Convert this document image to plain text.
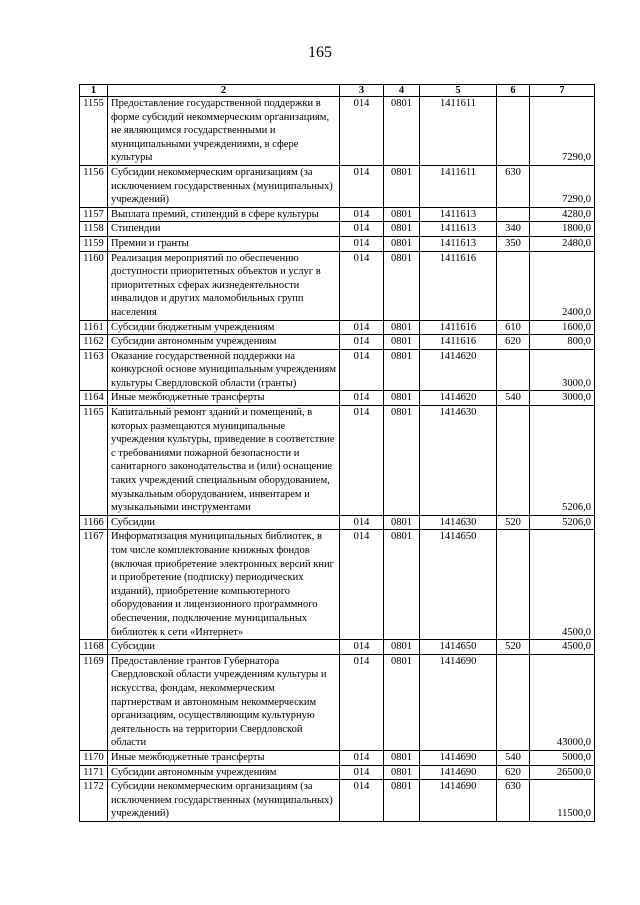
165
1	2	3	4	5	6	7
1155	Предоставление государственной поддержки в форме субсидий некоммерческим организациям, не являющимся государственными и муниципальными учреждениями, в сфере культуры	014	0801	1411611		7290,0
1156	Субсидии некоммерческим организациям (за исключением государственных (муниципальных) учреждений)	014	0801	1411611	630	7290,0
1157	Выплата премий, стипендий в сфере культуры	014	0801	1411613		4280,0
1158	Стипендии	014	0801	1411613	340	1800,0
1159	Премии и гранты	014	0801	1411613	350	2480,0
1160	Реализация мероприятий по обеспечению доступности приоритетных объектов и услуг в приоритетных сферах жизнедеятельности инвалидов и других маломобильных групп населения	014	0801	1411616		2400,0
1161	Субсидии бюджетным учреждениям	014	0801	1411616	610	1600,0
1162	Субсидии автономным учреждениям	014	0801	1411616	620	800,0
1163	Оказание государственной поддержки на конкурсной основе муниципальным учреждениям культуры Свердловской области (гранты)	014	0801	1414620		3000,0
1164	Иные межбюджетные трансферты	014	0801	1414620	540	3000,0
1165	Капитальный ремонт зданий и помещений, в которых размещаются муниципальные учреждения культуры, приведение в соответствие с требованиями пожарной безопасности и санитарного законодательства и (или) оснащение таких учреждений специальным оборудованием, музыкальным оборудованием, инвентарем и музыкальными инструментами	014	0801	1414630		5206,0
1166	Субсидии	014	0801	1414630	520	5206,0
1167	Информатизация муниципальных библиотек, в том числе комплектование книжных фондов (включая приобретение электронных версий книг и приобретение (подписку) периодических изданий), приобретение компьютерного оборудования и лицензионного программного обеспечения, подключение муниципальных библиотек к сети «Интернет»	014	0801	1414650		4500,0
1168	Субсидии	014	0801	1414650	520	4500,0
1169	Предоставление грантов Губернатора Свердловской области учреждениям культуры и искусства, фондам, некоммерческим партнерствам и автономным некоммерческим организациям, осуществляющим культурную деятельность на территории Свердловской области	014	0801	1414690		43000,0
1170	Иные межбюджетные трансферты	014	0801	1414690	540	5000,0
1171	Субсидии автономным учреждениям	014	0801	1414690	620	26500,0
1172	Субсидии некоммерческим организациям (за исключением государственных (муниципальных) учреждений)	014	0801	1414690	630	11500,0
